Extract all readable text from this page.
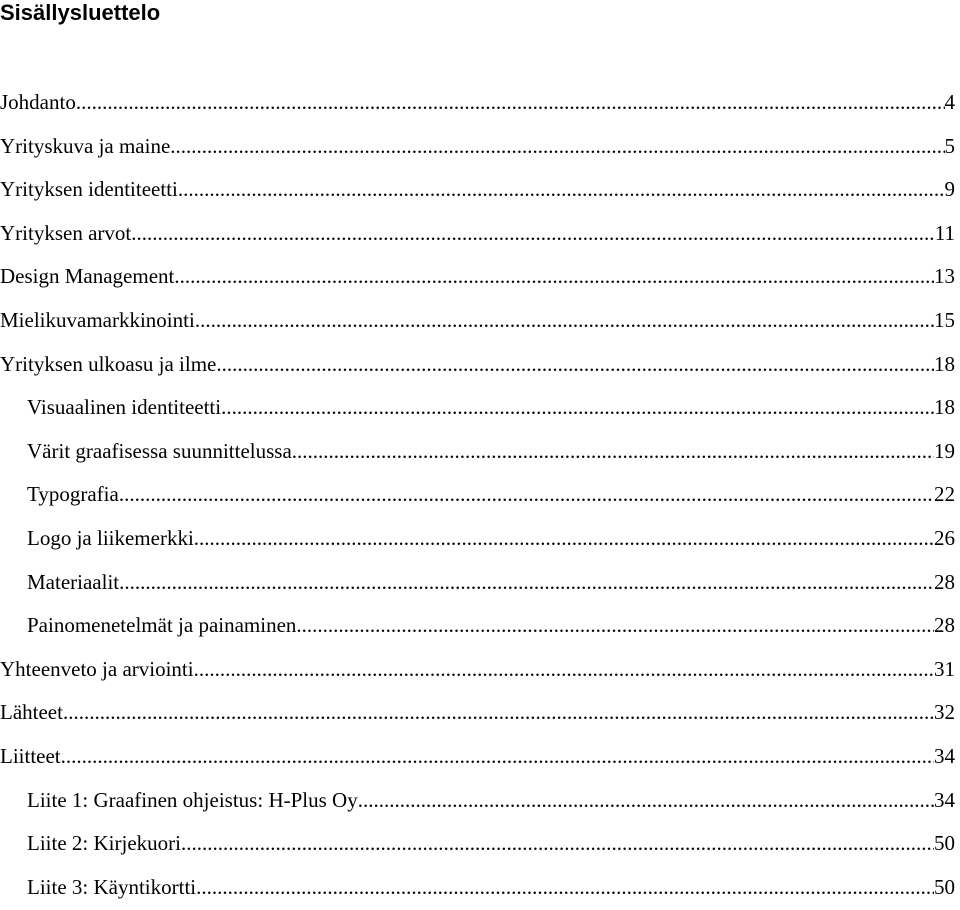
Sisällysluettelo
Johdanto .....	4
Yrityskuva ja maine .....	5
Yrityksen identiteetti .....	9
Yrityksen arvot .....	11
Design Management .....	13
Mielikuvamarkkinointi .....	15
Yrityksen ulkoasu ja ilme .....	18
Visuaalinen identiteetti .....	18
Värit graafisessa suunnittelussa .....	19
Typografia .....	22
Logo ja liikemerkki .....	26
Materiaalit .....	28
Painomenetelmät ja painaminen .....	28
Yhteenveto ja arviointi .....	31
Lähteet .....	32
Liitteet .....	34
Liite 1: Graafinen ohjeistus: H-Plus Oy .....	34
Liite 2: Kirjekuori .....	50
Liite 3: Käyntikortti .....	50
